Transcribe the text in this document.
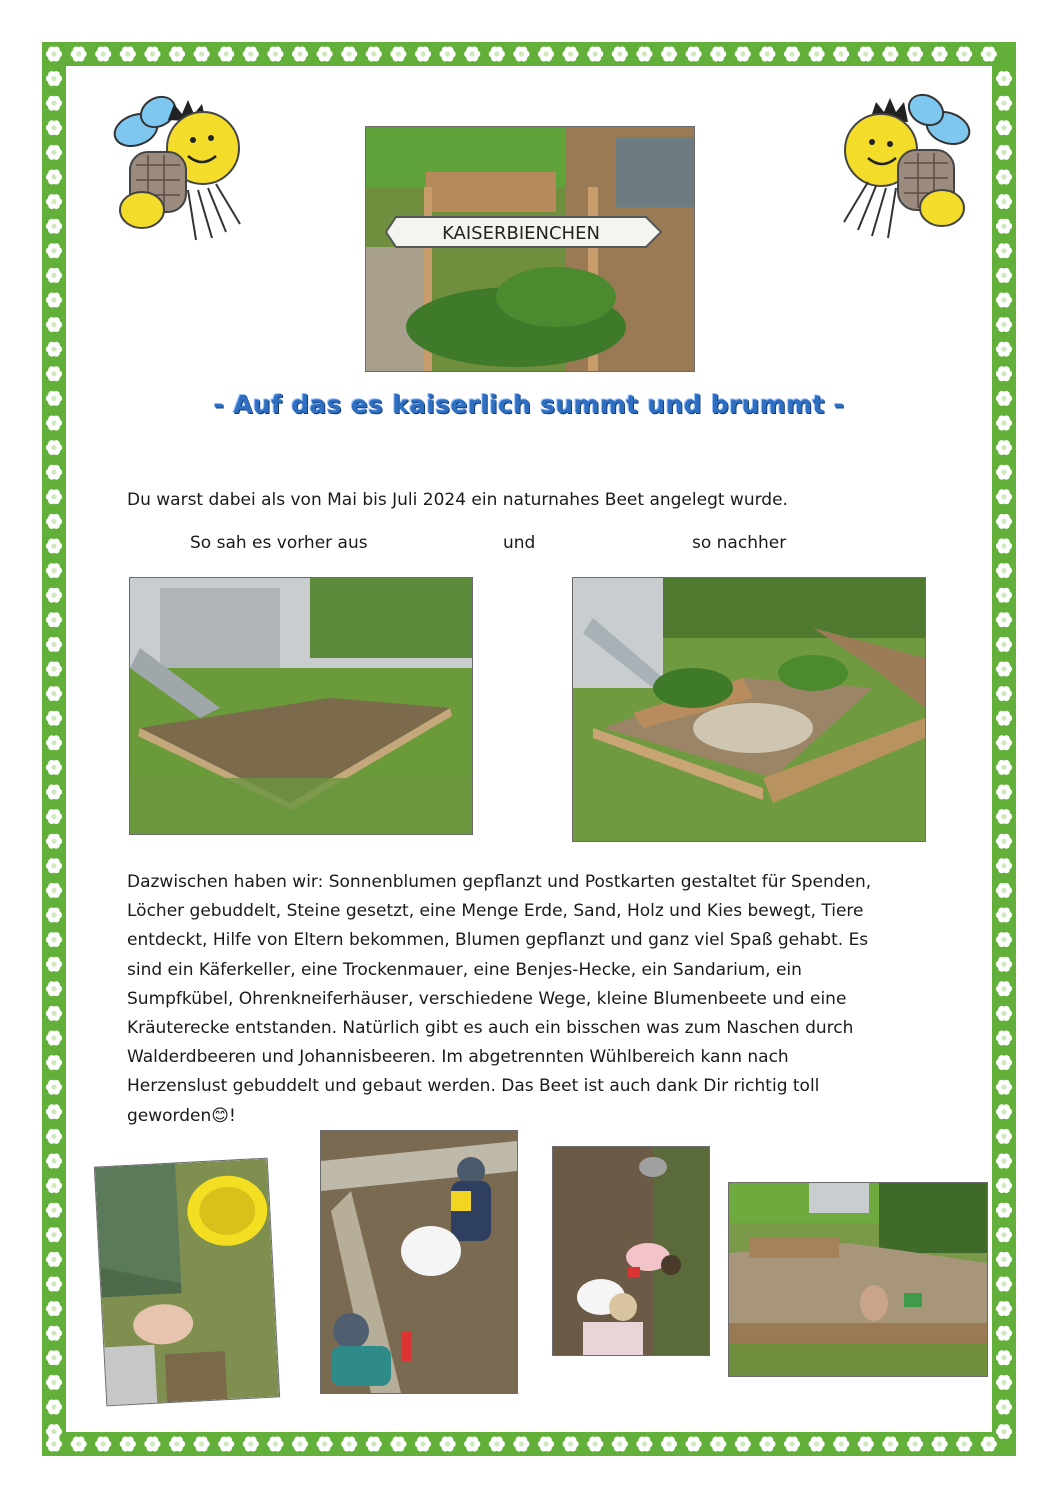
KAISERBIENCHEN
- Auf das es kaiserlich summt und brummt -
Du warst dabei als von Mai bis Juli 2024 ein naturnahes Beet angelegt wurde.
So sah es vorher aus	und	so nachher
Dazwischen haben wir: Sonnenblumen gepflanzt und Postkarten gestaltet für Spenden,
Löcher gebuddelt, Steine gesetzt, eine Menge Erde, Sand, Holz und Kies bewegt, Tiere
entdeckt, Hilfe von Eltern bekommen, Blumen gepflanzt und ganz viel Spaß gehabt. Es
sind ein Käferkeller, eine Trockenmauer, eine Benjes-Hecke, ein Sandarium, ein
Sumpfkübel, Ohrenkneiferhäuser, verschiedene Wege, kleine Blumenbeete und eine
Kräuterecke entstanden. Natürlich gibt es auch ein bisschen was zum Naschen durch
Walderdbeeren und Johannisbeeren. Im abgetrennten Wühlbereich kann nach
Herzenslust gebuddelt und gebaut werden. Das Beet ist auch dank Dir richtig toll
geworden😊!
